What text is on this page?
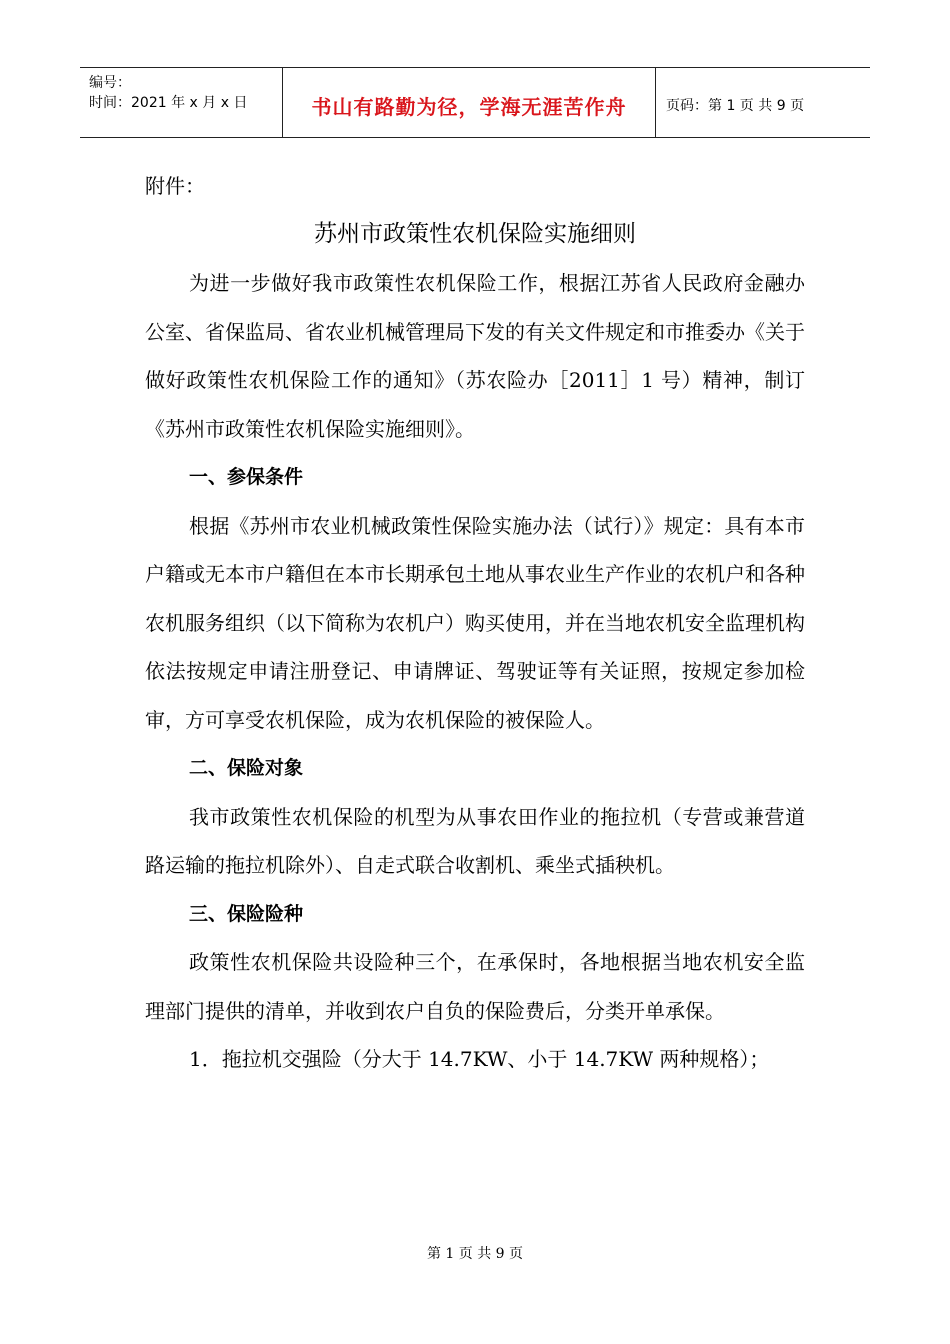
编号：
时间：2021 年 x 月 x 日	书山有路勤为径，学海无涯苦作舟	页码：第 1 页 共 9 页

附件：

苏州市政策性农机保险实施细则

为进一步做好我市政策性农机保险工作，根据江苏省人民政府金融办公室、省保监局、省农业机械管理局下发的有关文件规定和市推委办《关于做好政策性农机保险工作的通知》（苏农险办［2011］1 号）精神，制订《苏州市政策性农机保险实施细则》。

一、参保条件

根据《苏州市农业机械政策性保险实施办法（试行）》规定：具有本市户籍或无本市户籍但在本市长期承包土地从事农业生产作业的农机户和各种农机服务组织（以下简称为农机户）购买使用，并在当地农机安全监理机构依法按规定申请注册登记、申请牌证、驾驶证等有关证照，按规定参加检审，方可享受农机保险，成为农机保险的被保险人。

二、保险对象

我市政策性农机保险的机型为从事农田作业的拖拉机（专营或兼营道路运输的拖拉机除外）、自走式联合收割机、乘坐式插秧机。

三、保险险种

政策性农机保险共设险种三个，在承保时，各地根据当地农机安全监理部门提供的清单，并收到农户自负的保险费后，分类开单承保。

1．拖拉机交强险（分大于 14.7KW、小于 14.7KW 两种规格）；

第 1 页 共 9 页
